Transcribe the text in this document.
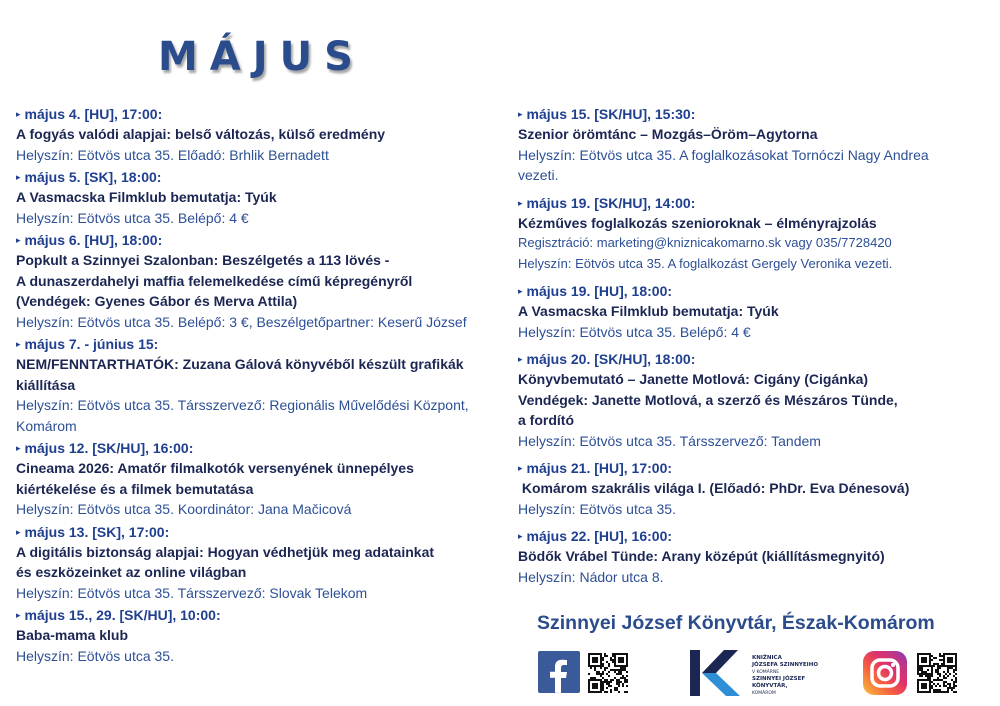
MÁJUS
▸ május 4. [HU], 17:00:
A fogyás valódi alapjai: belső változás, külső eredmény
Helyszín: Eötvös utca 35. Előadó: Brhlik Bernadett
▸ május 5. [SK], 18:00:
A Vasmacska Filmklub bemutatja: Tyúk
Helyszín: Eötvös utca 35. Belépő: 4 €
▸ május 6. [HU], 18:00:
Popkult a Szinnyei Szalonban: Beszélgetés a 113 lövés -
A dunaszerdahelyi maffia felemelkedése című képregényről
(Vendégek: Gyenes Gábor és Merva Attila)
Helyszín: Eötvös utca 35. Belépő: 3 €, Beszélgetőpartner: Keserű József
▸ május 7. - június 15:
NEM/FENNTARTHATÓK: Zuzana Gálová könyvéből készült grafikák
kiállítása
Helyszín: Eötvös utca 35. Társszervező: Regionális Művelődési Központ,
Komárom
▸ május 12. [SK/HU], 16:00:
Cineama 2026: Amatőr filmalkotók versenyének ünnepélyes
kiértékelése és a filmek bemutatása
Helyszín: Eötvös utca 35. Koordinátor: Jana Mačicová
▸ május 13. [SK], 17:00:
A digitális biztonság alapjai: Hogyan védhetjük meg adatainkat
és eszközeinket az online világban
Helyszín: Eötvös utca 35. Társszervező: Slovak Telekom
▸ május 15., 29. [SK/HU], 10:00:
Baba-mama klub
Helyszín: Eötvös utca 35.
▸ május 15. [SK/HU], 15:30:
Szenior örömtánc – Mozgás–Öröm–Agytorna
Helyszín: Eötvös utca 35. A foglalkozásokat Tornóczi Nagy Andrea
vezeti.
▸ május 19. [SK/HU], 14:00:
Kézműves foglalkozás szenioroknak – élményrajzolás
Regisztráció: marketing@kniznicakomarno.sk vagy 035/7728420
Helyszín: Eötvös utca 35. A foglalkozást Gergely Veronika vezeti.
▸ május 19. [HU], 18:00:
A Vasmacska Filmklub bemutatja: Tyúk
Helyszín: Eötvös utca 35. Belépő: 4 €
▸ május 20. [SK/HU], 18:00:
Könyvbemutató – Janette Motlová: Cigány (Cigánka)
Vendégek: Janette Motlová, a szerző és Mészáros Tünde,
a fordító
Helyszín: Eötvös utca 35. Társszervező: Tandem
▸ május 21. [HU], 17:00:
Komárom szakrális világa I. (Előadó: PhDr. Eva Dénesová)
Helyszín: Eötvös utca 35.
▸ május 22. [HU], 16:00:
Bödők Vrábel Tünde: Arany középút (kiállításmegnyitó)
Helyszín: Nádor utca 8.
Szinnyei József Könyvtár, Észak-Komárom
KNIŽNICA
JÓZSEFA SZINNYEIHO
V KOMÁRNE
SZINNYEI JÓZSEF
KÖNYVTÁR,
KOMÁROM
